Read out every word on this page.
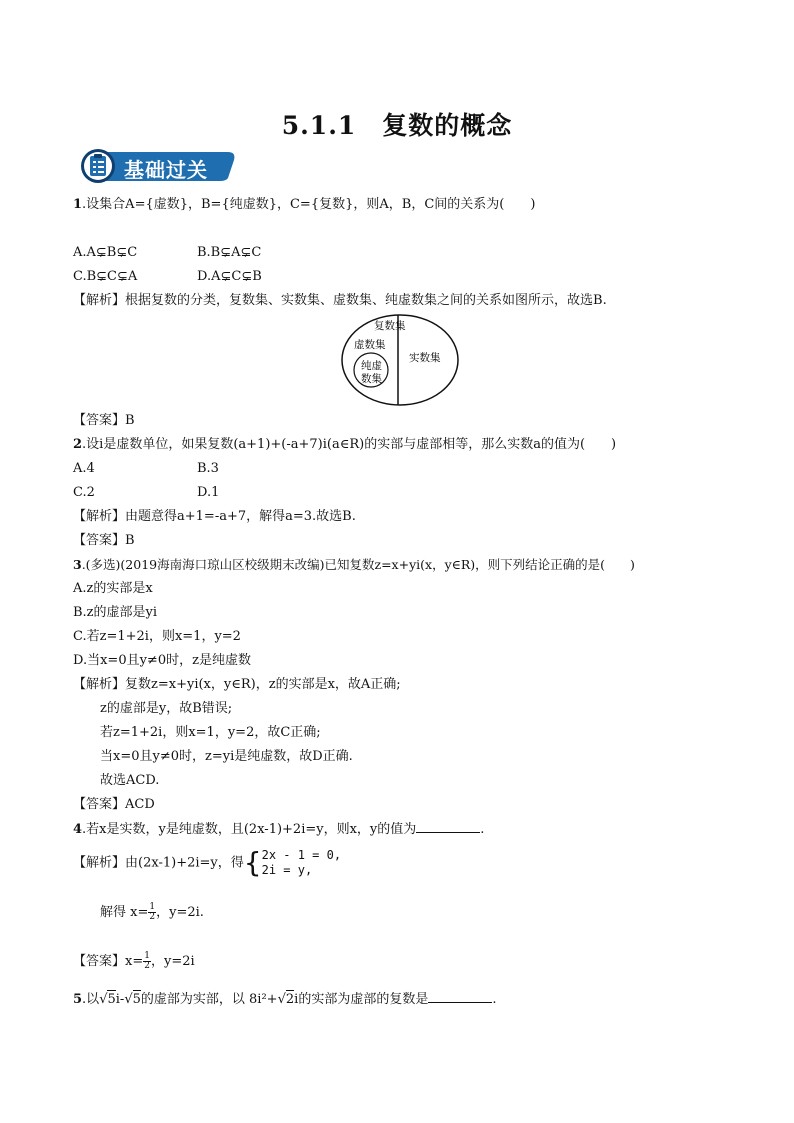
5.1.1　复数的概念
基础过关
1.设集合A={虚数}，B={纯虚数}，C={复数}，则A，B，C间的关系为(　　)
A.A⊊B⊊C	B.B⊊A⊊C
C.B⊊C⊊A	D.A⊊C⊊B
【解析】根据复数的分类，复数集、实数集、虚数集、纯虚数集之间的关系如图所示，故选B.
复数集
虚数集
实数集
纯虚
数集
【答案】B
2.设i是虚数单位，如果复数(a+1)+(-a+7)i(a∈R)的实部与虚部相等，那么实数a的值为(　　)
A.4	B.3
C.2	D.1
【解析】由题意得a+1=-a+7，解得a=3.故选B.
【答案】B
3.(多选)(2019海南海口琼山区校级期末改编)已知复数z=x+yi(x，y∈R)，则下列结论正确的是(　　)
A.z的实部是x
B.z的虚部是yi
C.若z=1+2i，则x=1，y=2
D.当x=0且y≠0时，z是纯虚数
【解析】复数z=x+yi(x，y∈R)，z的实部是x，故A正确;
z的虚部是y，故B错误;
若z=1+2i，则x=1，y=2，故C正确;
当x=0且y≠0时，z=yi是纯虚数，故D正确.
故选ACD.
【答案】ACD
4.若x是实数，y是纯虚数，且(2x-1)+2i=y，则x，y的值为	.
【解析】由(2x-1)+2i=y，得{ 2x - 1 = 0,
2i = y,
解得 $x= \frac{1}{2}$ ，y=2i.
【答案】$x= \frac{1}{2}$ ，y=2i
5.以√5i-√5的虚部为实部，以 8i²+√2i的实部为虚部的复数是	.
